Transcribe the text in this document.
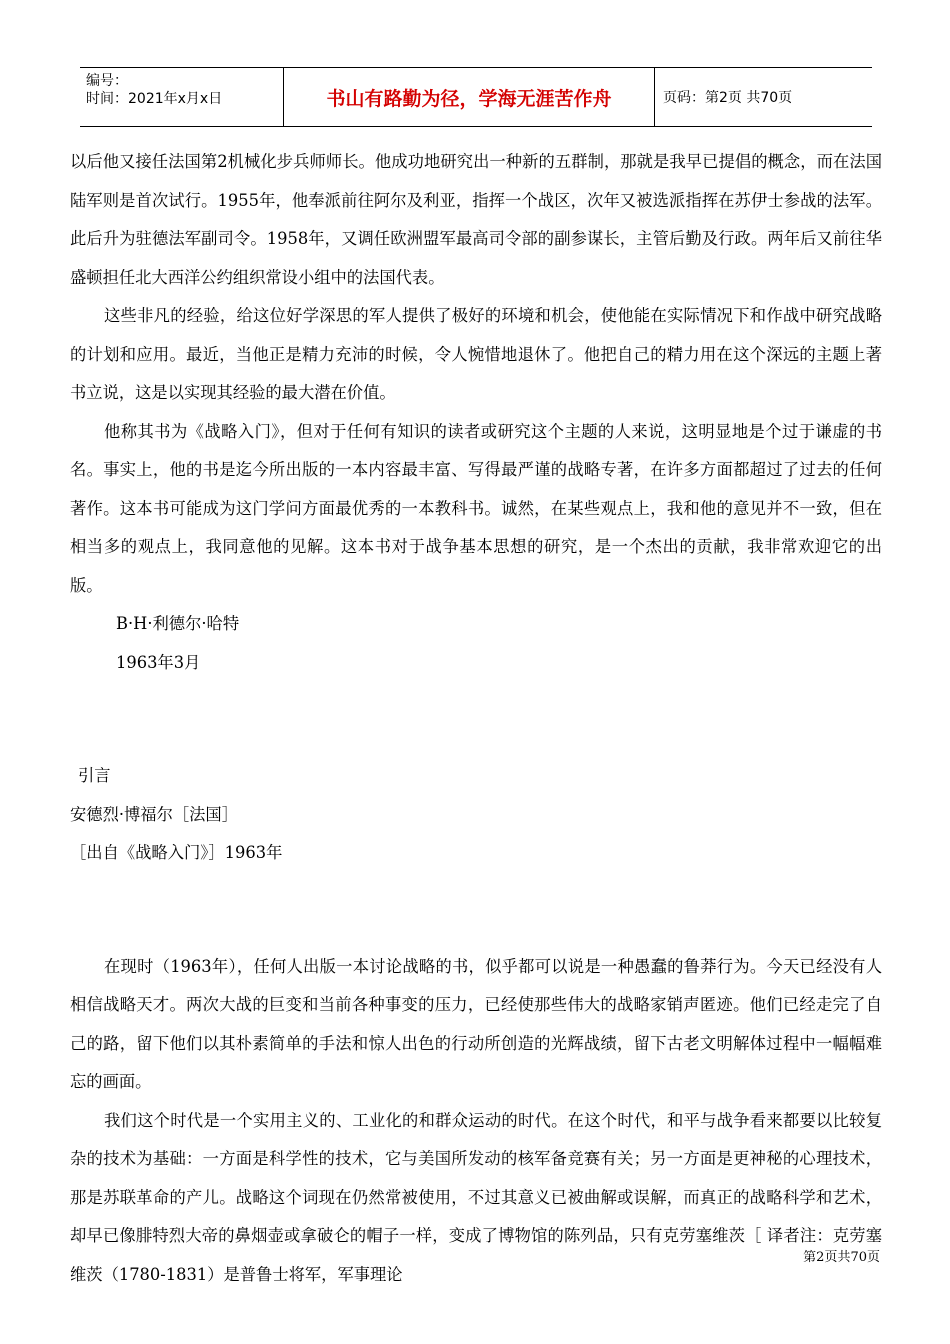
编号：
时间：2021年x月x日	书山有路勤为径，学海无涯苦作舟	页码：第2页 共70页

以后他又接任法国第2机械化步兵师师长。他成功地研究出一种新的五群制，那就是我早已提倡的概念，而在法国陆军则是首次试行。1955年，他奉派前往阿尔及利亚，指挥一个战区，次年又被选派指挥在苏伊士参战的法军。此后升为驻德法军副司令。1958年，又调任欧洲盟军最高司令部的副参谋长，主管后勤及行政。两年后又前往华盛顿担任北大西洋公约组织常设小组中的法国代表。

这些非凡的经验，给这位好学深思的军人提供了极好的环境和机会，使他能在实际情况下和作战中研究战略的计划和应用。最近，当他正是精力充沛的时候，令人惋惜地退休了。他把自己的精力用在这个深远的主题上著书立说，这是以实现其经验的最大潜在价值。

他称其书为《战略入门》，但对于任何有知识的读者或研究这个主题的人来说，这明显地是个过于谦虚的书名。事实上，他的书是迄今所出版的一本内容最丰富、写得最严谨的战略专著，在许多方面都超过了过去的任何著作。这本书可能成为这门学问方面最优秀的一本教科书。诚然，在某些观点上，我和他的意见并不一致，但在相当多的观点上，我同意他的见解。这本书对于战争基本思想的研究，是一个杰出的贡献，我非常欢迎它的出版。

B·H·利德尔·哈特

1963年3月

引言

安德烈·博福尔［法国］

［出自《战略入门》］1963年

在现时（1963年），任何人出版一本讨论战略的书，似乎都可以说是一种愚蠢的鲁莽行为。今天已经没有人相信战略天才。两次大战的巨变和当前各种事变的压力，已经使那些伟大的战略家销声匿迹。他们已经走完了自己的路，留下他们以其朴素简单的手法和惊人出色的行动所创造的光辉战绩，留下古老文明解体过程中一幅幅难忘的画面。

我们这个时代是一个实用主义的、工业化的和群众运动的时代。在这个时代，和平与战争看来都要以比较复杂的技术为基础：一方面是科学性的技术，它与美国所发动的核军备竞赛有关；另一方面是更神秘的心理技术，那是苏联革命的产儿。战略这个词现在仍然常被使用，不过其意义已被曲解或误解，而真正的战略科学和艺术，却早已像腓特烈大帝的鼻烟壶或拿破仑的帽子一样，变成了博物馆的陈列品，只有克劳塞维茨［ 译者注：克劳塞维茨（1780-1831）是普鲁士将军，军事理论

第2页共70页
